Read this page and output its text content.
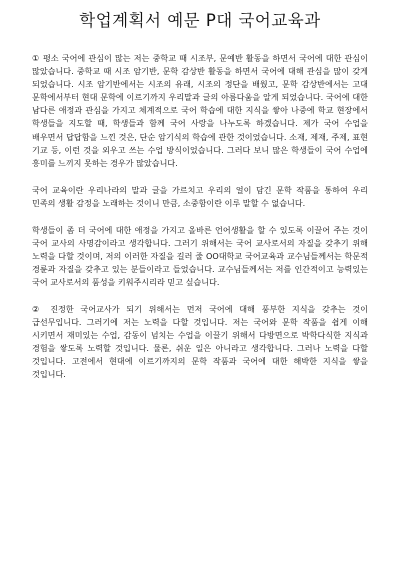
학업계획서 예문 P대 국어교육과

① 평소 국어에 관심이 많는 저는 중학교 때 시조부, 문예반 활동을 하면서 국어에 대한 관심이 많았습니다. 중학교 때 시조 암기반, 문학 감상반 활동을 하면서 국어에 대해 관심을 많이 갖게 되었습니다. 시조 암기반에서는 시조의 유래, 시조의 정단을 배웠고, 문학 감상반에서는 고대 문학에서부터 현대 문학에 이르기까지 우리말과 글의 아름다움을 알게 되었습니다. 국어에 대한 남다른 애정과 관심을 가지고 체계적으로 국어 학습에 대한 지식을 쌓아 나중에 학교 현장에서 학생들을 지도할 때, 학생들과 함께 국어 사랑을 나누도록 하겠습니다. 제가 국어 수업을 배우면서 답답함을 느낀 것은, 단순 암기식의 학습에 관한 것이었습니다. 소재, 제재, 주제, 표현 기교 등, 이런 것을 외우고 쓰는 수업 방식이었습니다. 그러다 보니 많은 학생들이 국어 수업에 흥미를 느끼지 못하는 경우가 많았습니다.

국어 교육이란 우리나라의 말과 글을 가르치고 우리의 얼이 담긴 문학 작품을 통하여 우리 민족의 생활 감정을 노래하는 것이니 만큼, 소중함이란 이루 말할 수 없습니다.

학생들이 좀 더 국어에 대한 애정을 가지고 올바른 언어생활을 할 수 있도록 이끌어 주는 것이 국어 교사의 사명감이라고 생각합니다. 그러기 위해서는 국어 교사로서의 자질을 갖추기 위해 노력을 다할 것이며, 저의 이러한 자질을 길러 줄 OO대학교 국어교육과 교수님들께서는 학문적 경륜과 자질을 갖추고 있는 분들이라고 들었습니다. 교수님들께서는 저를 인간적이고 능력있는 국어 교사로서의 품성을 키워주시리라 믿고 싶습니다.

② 진정한 국어교사가 되기 위해서는 먼저 국어에 대해 풍부한 지식을 갖추는 것이 급선무입니다. 그러기에 저는 노력을 다할 것입니다. 저는 국어와 문학 작품을 쉽게 이해 시키면서 재미있는 수업, 감동이 넘치는 수업을 이끌기 위해서 다방면으로 박학다식한 지식과 경험을 쌓도록 노력할 것입니다. 물론, 쉬운 일은 아니라고 생각합니다. 그러나 노력을 다할 것입니다. 고전에서 현대에 이르기까지의 문학 작품과 국어에 대한 해박한 지식을 쌓을 것입니다.
